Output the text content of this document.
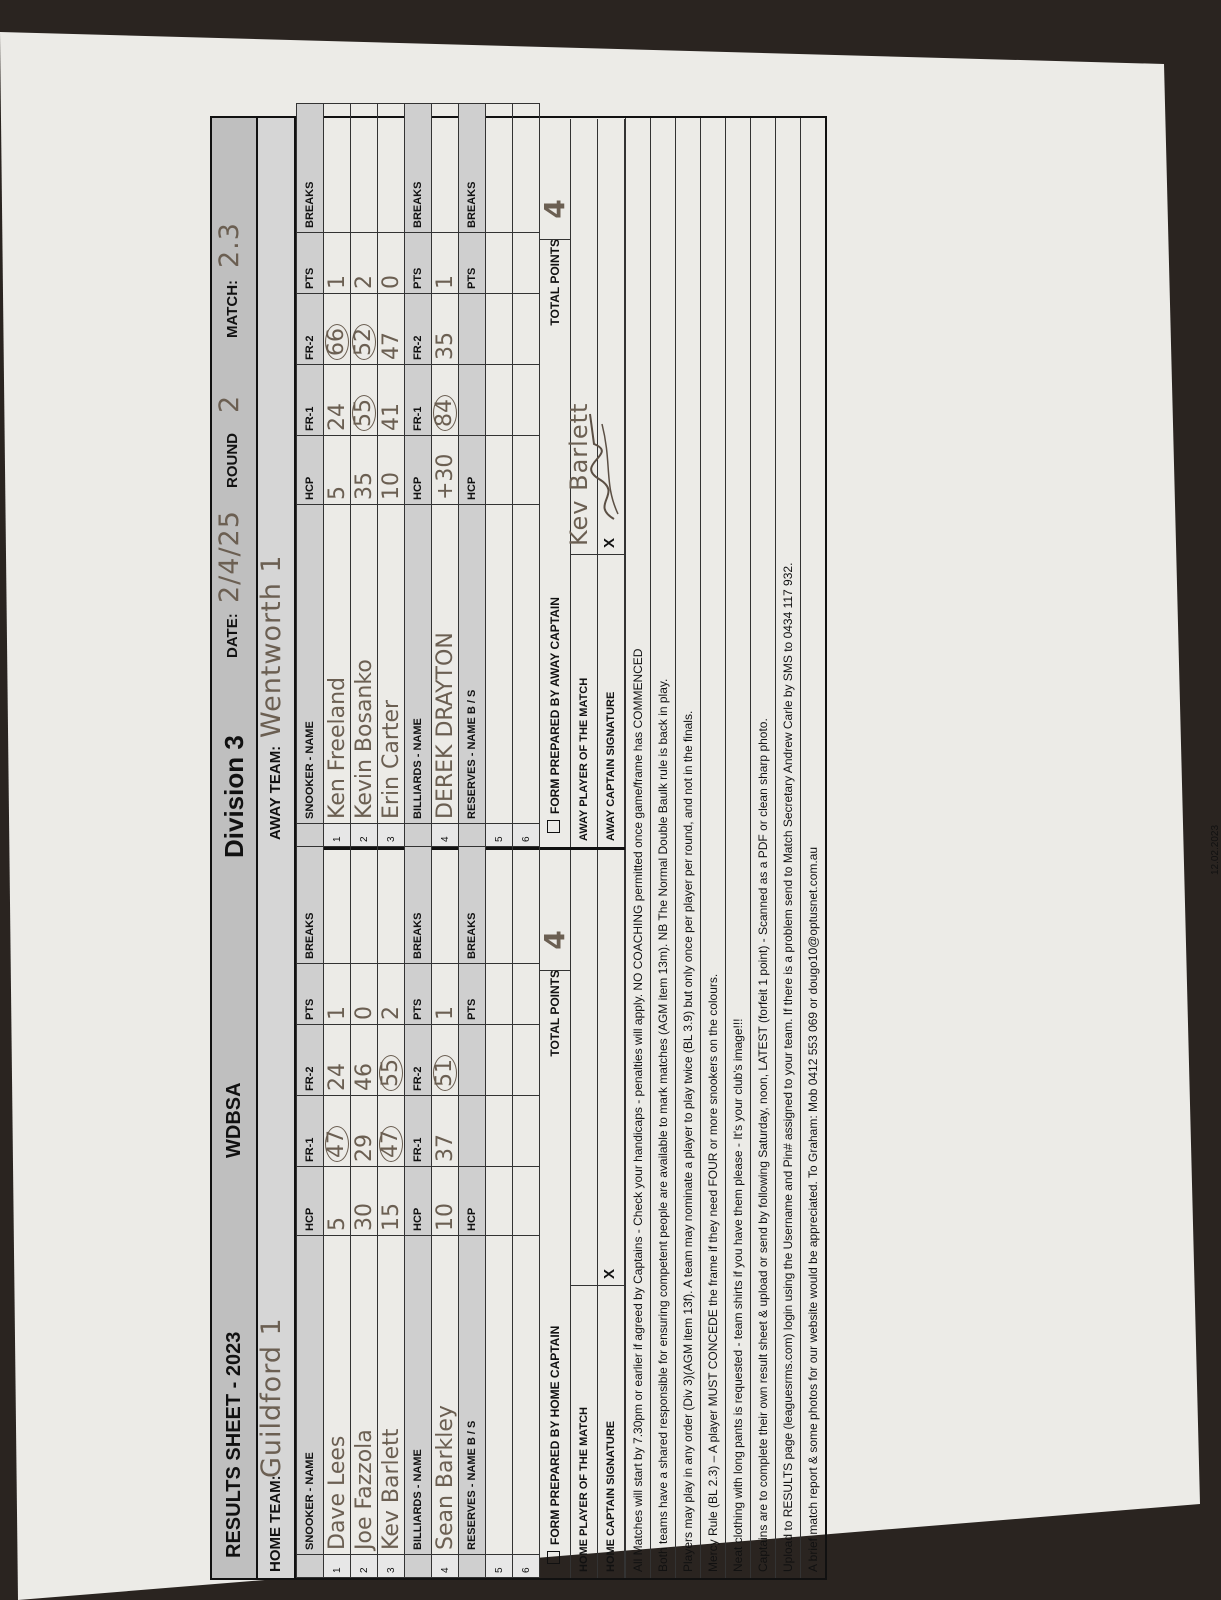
RESULTS SHEET - 2023
WDBSA
Division 3
DATE:
2/4/25
ROUND
2
MATCH:
2.3
HOME TEAM:
Guildford 1
AWAY TEAM:
Wentworth 1
	SNOOKER - NAME	HCP	FR-1	FR-2	PTS	BREAKS
1	Dave Lees	5	47	24	1	
2	Joe Fazzola	30	29	46	0	
3	Kev Barlett	15	47	55	2	
	BILLIARDS - NAME	HCP	FR-1	FR-2	PTS	BREAKS
4	Sean Barkley	10	37	51	1	
	RESERVES - NAME B / S	HCP			PTS	BREAKS
5						
6						
FORM PREPARED BY HOME CAPTAIN
TOTAL POINTS
4
HOME PLAYER OF THE MATCH	HOME CAPTAIN SIGNATURE
X
	SNOOKER - NAME	HCP	FR-1	FR-2	PTS	BREAKS
1	Ken Freeland	5	24	66	1	
2	Kevin Bosanko	35	55	52	2	
3	Erin Carter	10	41	47	0	
	BILLIARDS - NAME	HCP	FR-1	FR-2	PTS	BREAKS
4	DEREK DRAYTON	+30	84	35	1	
	RESERVES - NAME B / S	HCP			PTS	BREAKS
5						
6						
FORM PREPARED BY AWAY CAPTAIN
TOTAL POINTS
4
AWAY PLAYER OF THE MATCH
Kev Barlett
AWAY CAPTAIN SIGNATURE
X
All Matches will start by 7.30pm or earlier if agreed by Captains - Check your handicaps - penalties will apply. NO COACHING permitted once game/frame has COMMENCED Both teams have a shared responsible for ensuring competent people are available to mark matches (AGM item 13m). NB The Normal Double Baulk rule is back in play. Players may play in any order (Div 3)(AGM item 13f). A team may nominate a player to play twice (BL 3.9) but only once per player per round, and not in the finals. Mercy Rule (BL 2.3) – A player MUST CONCEDE the frame if they need FOUR or more snookers on the colours. Neat clothing with long pants is requested - team shirts if you have them please - It's your club's image!!! Captains are to complete their own result sheet & upload or send by following Saturday, noon, LATEST (forfeit 1 point) - Scanned as a PDF or clean sharp photo. Upload to RESULTS page (leaguesrms.com) login using the Username and Pin# assigned to your team. If there is a problem send to Match Secretary Andrew Carle by SMS to 0434 117 932. A brief match report & some photos for our website would be appreciated. To Graham: Mob 0412 553 069 or dougo10@optusnet.com.au	12.02.2023
